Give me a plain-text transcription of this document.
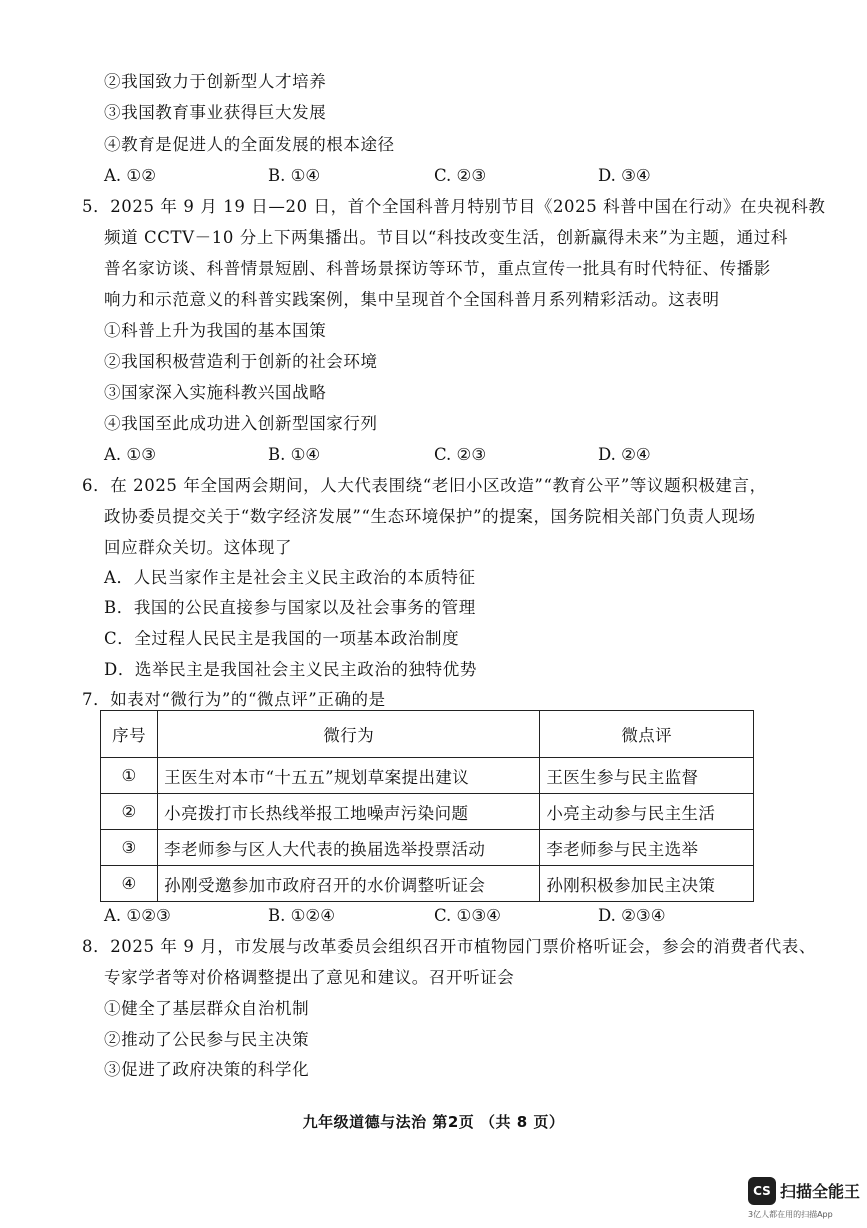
②我国致力于创新型人才培养
③我国教育事业获得巨大发展
④教育是促进人的全面发展的根本途径
A. ①②	B. ①④	C. ②③	D. ③④
5．2025 年 9 月 19 日—20 日，首个全国科普月特别节目《2025 科普中国在行动》在央视科教
频道 CCTV－10 分上下两集播出。节目以“科技改变生活，创新赢得未来”为主题，通过科
普名家访谈、科普情景短剧、科普场景探访等环节，重点宣传一批具有时代特征、传播影
响力和示范意义的科普实践案例，集中呈现首个全国科普月系列精彩活动。这表明
①科普上升为我国的基本国策
②我国积极营造利于创新的社会环境
③国家深入实施科教兴国战略
④我国至此成功进入创新型国家行列
A. ①③	B. ①④	C. ②③	D. ②④
6．在 2025 年全国两会期间，人大代表围绕“老旧小区改造”“教育公平”等议题积极建言，
政协委员提交关于“数字经济发展”“生态环境保护”的提案，国务院相关部门负责人现场
回应群众关切。这体现了
A．人民当家作主是社会主义民主政治的本质特征
B．我国的公民直接参与国家以及社会事务的管理
C．全过程人民民主是我国的一项基本政治制度
D．选举民主是我国社会主义民主政治的独特优势
7．如表对“微行为”的“微点评”正确的是
序号	微行为	微点评
①	王医生对本市“十五五”规划草案提出建议	王医生参与民主监督
②	小亮拨打市长热线举报工地噪声污染问题	小亮主动参与民主生活
③	李老师参与区人大代表的换届选举投票活动	李老师参与民主选举
④	孙刚受邀参加市政府召开的水价调整听证会	孙刚积极参加民主决策
A. ①②③	B. ①②④	C. ①③④	D. ②③④
8．2025 年 9 月，市发展与改革委员会组织召开市植物园门票价格听证会，参会的消费者代表、
专家学者等对价格调整提出了意见和建议。召开听证会
①健全了基层群众自治机制
②推动了公民参与民主决策
③促进了政府决策的科学化
九年级道德与法治 第2页 （共 8 页）
CS 扫描全能王
3亿人都在用的扫描App
